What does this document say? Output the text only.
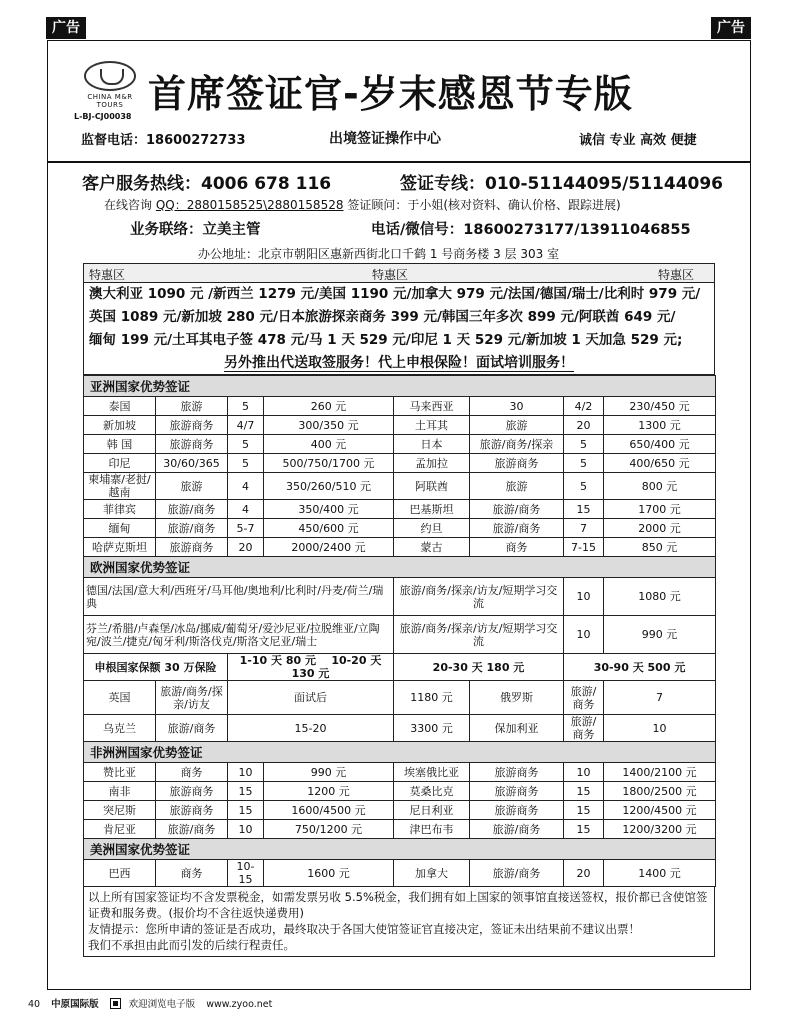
广告	广告
CHINA M&R TOURS
L-BJ-CJ00038
首席签证官-岁末感恩节专版
监督电话：18600272733	出境签证操作中心	诚信 专业 高效 便捷
客户服务热线：4006 678 116	签证专线：010-51144095/51144096
在线咨询 QQ：2880158525\2880158528 签证顾问：于小姐(核对资料、确认价格、跟踪进展)
业务联络：立美主管	电话/微信号：18600273177/13911046855
办公地址：北京市朝阳区惠新西街北口千鹤 1 号商务楼 3 层 303 室
特惠区	特惠区	特惠区
澳大利亚 1090 元 /新西兰 1279 元/美国 1190 元/加拿大 979 元/法国/德国/瑞士/比利时 979 元/
英国 1089 元/新加坡 280 元/日本旅游探亲商务 399 元/韩国三年多次 899 元/阿联酋 649 元/
缅甸 199 元/土耳其电子签 478 元/马 1 天 529 元/印尼 1 天 529 元/新加坡 1 天加急 529 元;
另外推出代送取签服务！代上申根保险！面试培训服务！
亚洲国家优势签证							
泰国	旅游	5	260 元	马来西亚	30	4/2	230/450 元
新加坡	旅游商务	4/7	300/350 元	土耳其	旅游	20	1300 元
韩 国	旅游商务	5	400 元	日本	旅游/商务/探亲	5	650/400 元
印尼	30/60/365	5	500/750/1700 元	孟加拉	旅游商务	5	400/650 元
柬埔寨/老挝/越南	旅游	4	350/260/510 元	阿联酋	旅游	5	800 元
菲律宾	旅游/商务	4	350/400 元	巴基斯坦	旅游/商务	15	1700 元
缅甸	旅游/商务	5-7	450/600 元	约旦	旅游/商务	7	2000 元
哈萨克斯坦	旅游商务	20	2000/2400 元	蒙古	商务	7-15	850 元
欧洲国家优势签证							
德国/法国/意大利/西班牙/马耳他/奥地利/比利时/丹麦/荷兰/瑞典				旅游/商务/探亲/访友/短期学习交流		10	1080 元
芬兰/希腊/卢森堡/冰岛/挪威/葡萄牙/爱沙尼亚/拉脱维亚/立陶宛/波兰/捷克/匈牙利/斯洛伐克/斯洛文尼亚/瑞士				旅游/商务/探亲/访友/短期学习交流		10	990 元
申根国家保额 30 万保险		1-10 天 80 元 10-20 天 130 元		20-30 天 180 元		30-90 天 500 元	
英国	旅游/商务/探亲/访友	面试后		1180 元	俄罗斯	旅游/商务	7
乌克兰	旅游/商务	15-20		3300 元	保加利亚	旅游/商务	10
非洲洲国家优势签证							
赞比亚	商务	10	990 元	埃塞俄比亚	旅游商务	10	1400/2100 元
南非	旅游商务	15	1200 元	莫桑比克	旅游商务	15	1800/2500 元
突尼斯	旅游商务	15	1600/4500 元	尼日利亚	旅游商务	15	1200/4500 元
肯尼亚	旅游/商务	10	750/1200 元	津巴布韦	旅游/商务	15	1200/3200 元
美洲国家优势签证							
巴西	商务	10-15	1600 元	加拿大	旅游/商务	20	1400 元
以上所有国家签证均不含发票税金，如需发票另收 5.5%税金，我们拥有如上国家的领事馆直接送签权，报价都已含使馆签证费和服务费。(报价均不含往返快递费用)
友情提示：您所申请的签证是否成功，最终取决于各国大使馆签证官直接决定，签证未出结果前不建议出票！
我们不承担由此而引发的后续行程责任。
40 中原国际版	欢迎浏览电子版 www.zyoo.net
